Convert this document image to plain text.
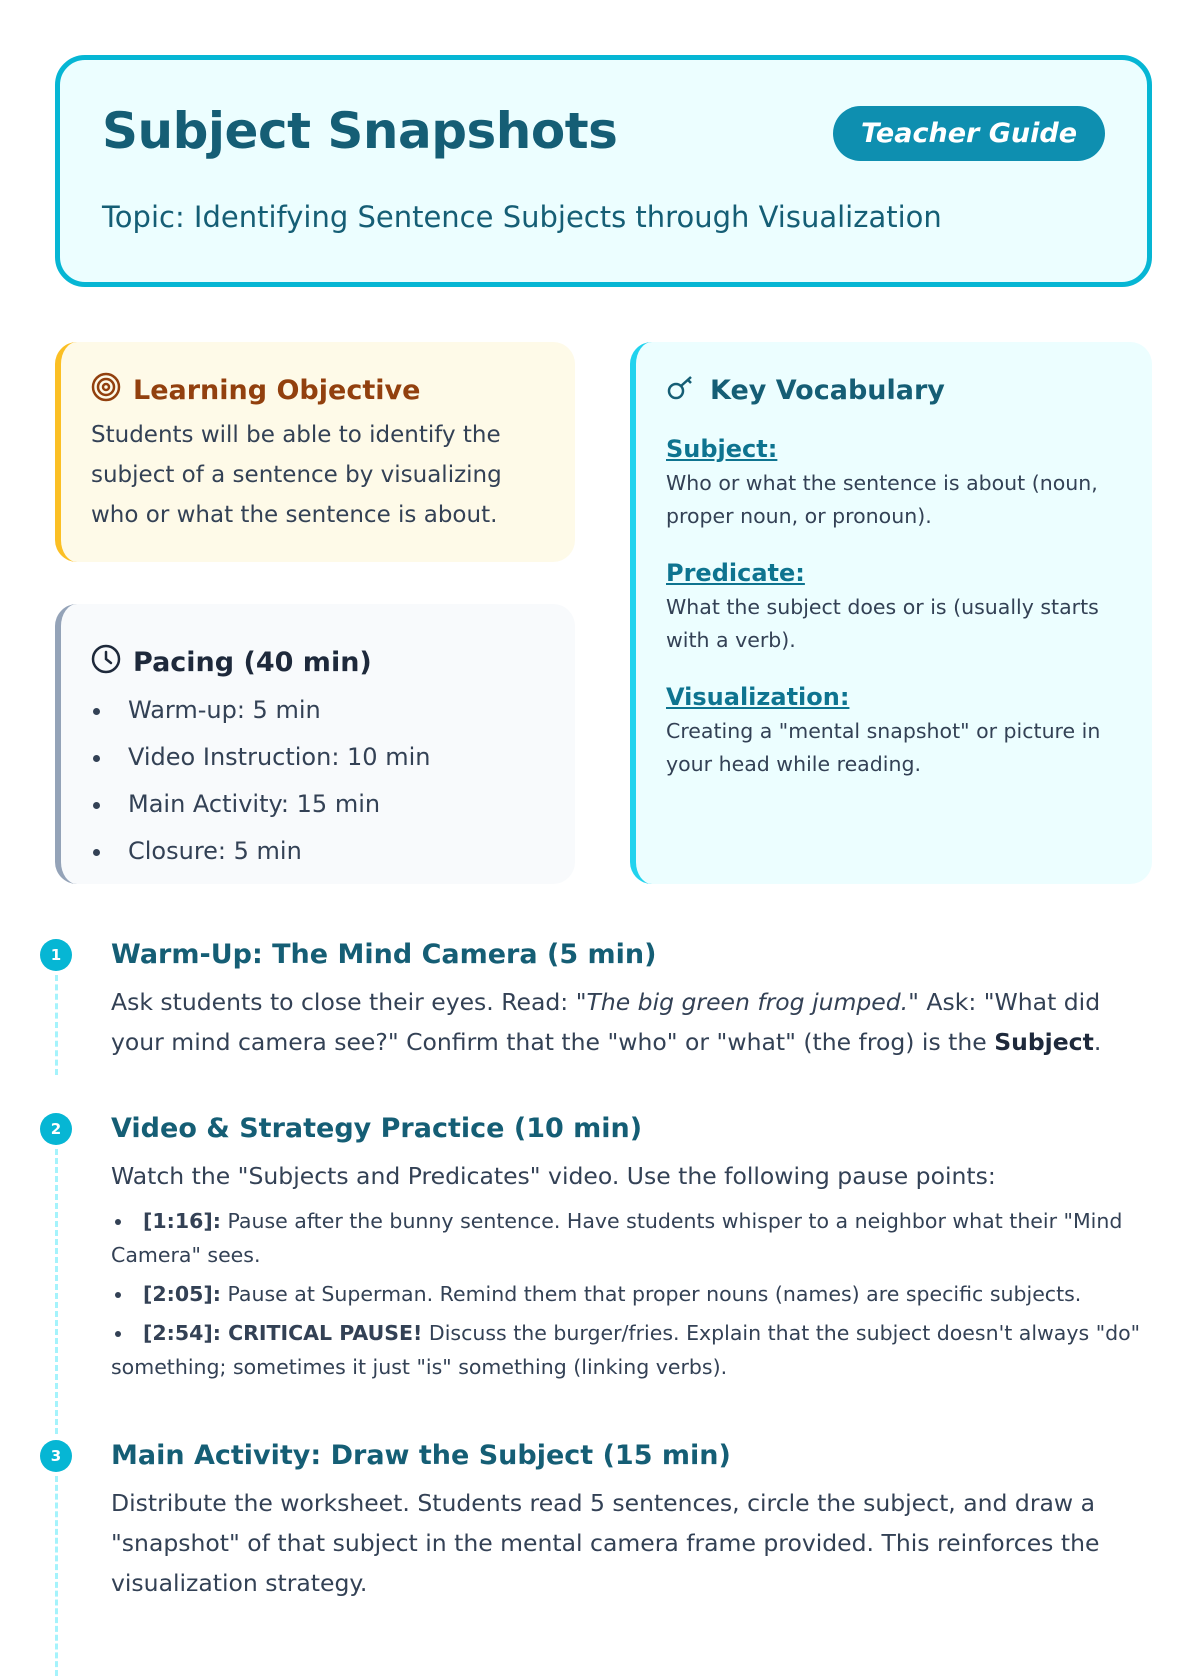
Subject Snapshots	Teacher Guide
Topic: Identifying Sentence Subjects through Visualization
Learning Objective

Students will be able to identify the subject of a sentence by visualizing who or what the sentence is about.

Pacing (40 min)
Warm-up: 5 min
Video Instruction: 10 min
Main Activity: 15 min
Closure: 5 min
Key Vocabulary
Subject:
Who or what the sentence is about (noun, proper noun, or pronoun).
Predicate:
What the subject does or is (usually starts with a verb).
Visualization:
Creating a "mental snapshot" or picture in your head while reading.
1	Warm-Up: The Mind Camera (5 min)
Ask students to close their eyes. Read: "The big green frog jumped." Ask: "What did your mind camera see?" Confirm that the "who" or "what" (the frog) is the Subject.
2	Video & Strategy Practice (10 min)
Watch the "Subjects and Predicates" video. Use the following pause points:
[1:16]: Pause after the bunny sentence. Have students whisper to a neighbor what their "Mind Camera" sees.
[2:05]: Pause at Superman. Remind them that proper nouns (names) are specific subjects.
[2:54]: CRITICAL PAUSE! Discuss the burger/fries. Explain that the subject doesn't always "do" something; sometimes it just "is" something (linking verbs).
3	Main Activity: Draw the Subject (15 min)
Distribute the worksheet. Students read 5 sentences, circle the subject, and draw a "snapshot" of that subject in the mental camera frame provided. This reinforces the visualization strategy.
